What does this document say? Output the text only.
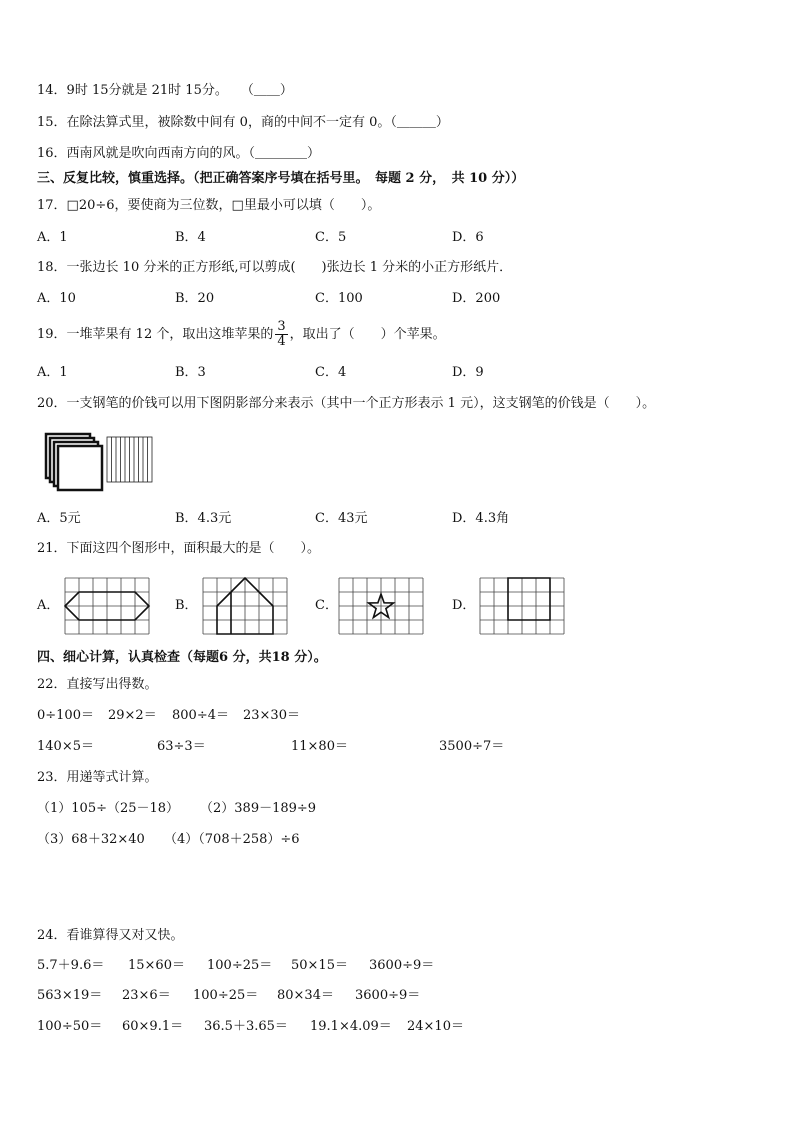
14．9时 15分就是 21时 15分。　　（＿＿）
15．在除法算式里，被除数中间有 0，商的中间不一定有 0。（＿＿＿）
16．西南风就是吹向西南方向的风。（＿＿＿＿）
三、反复比较，慎重选择。（把正确答案序号填在括号里。　每题 2 分，　共 10 分））
17．□20÷6，要使商为三位数，□里最小可以填（　　）。
A．1	B．4	C．5	D．6
18．一张边长 10 分米的正方形纸,可以剪成(　　)张边长 1 分米的小正方形纸片．
A．10	B．20	C．100	D．200
19．一堆苹果有 12 个，取出这堆苹果的 $\frac{3}{4}$ ，取出了（　　）个苹果。
A．1	B．3	C．4	D．9
20．一支钢笔的价钱可以用下图阴影部分来表示（其中一个正方形表示 1 元），这支钢笔的价钱是（　　）。
A．5元	B．4.3元	C．43元	D．4.3角
21．下面这四个图形中，面积最大的是（　　）。
A．	B．	C．	D．
四、细心计算，认真检查（每题6 分，共18 分）。
22．直接写出得数。
0÷100＝ 29×2＝ 800÷4＝ 23×30＝
140×5＝	63÷3＝	11×80＝	3500÷7＝
23．用递等式计算。
（1）105÷（25－18） （2）389－189÷9
（3）68＋32×40 （4）（708＋258）÷6
24．看谁算得又对又快。
5.7＋9.6＝ 15×60＝ 100÷25＝ 50×15＝ 3600÷9＝
563×19＝ 23×6＝ 100÷25＝ 80×34＝ 3600÷9＝
100÷50＝ 60×9.1＝ 36.5＋3.65＝ 19.1×4.09＝ 24×10＝
